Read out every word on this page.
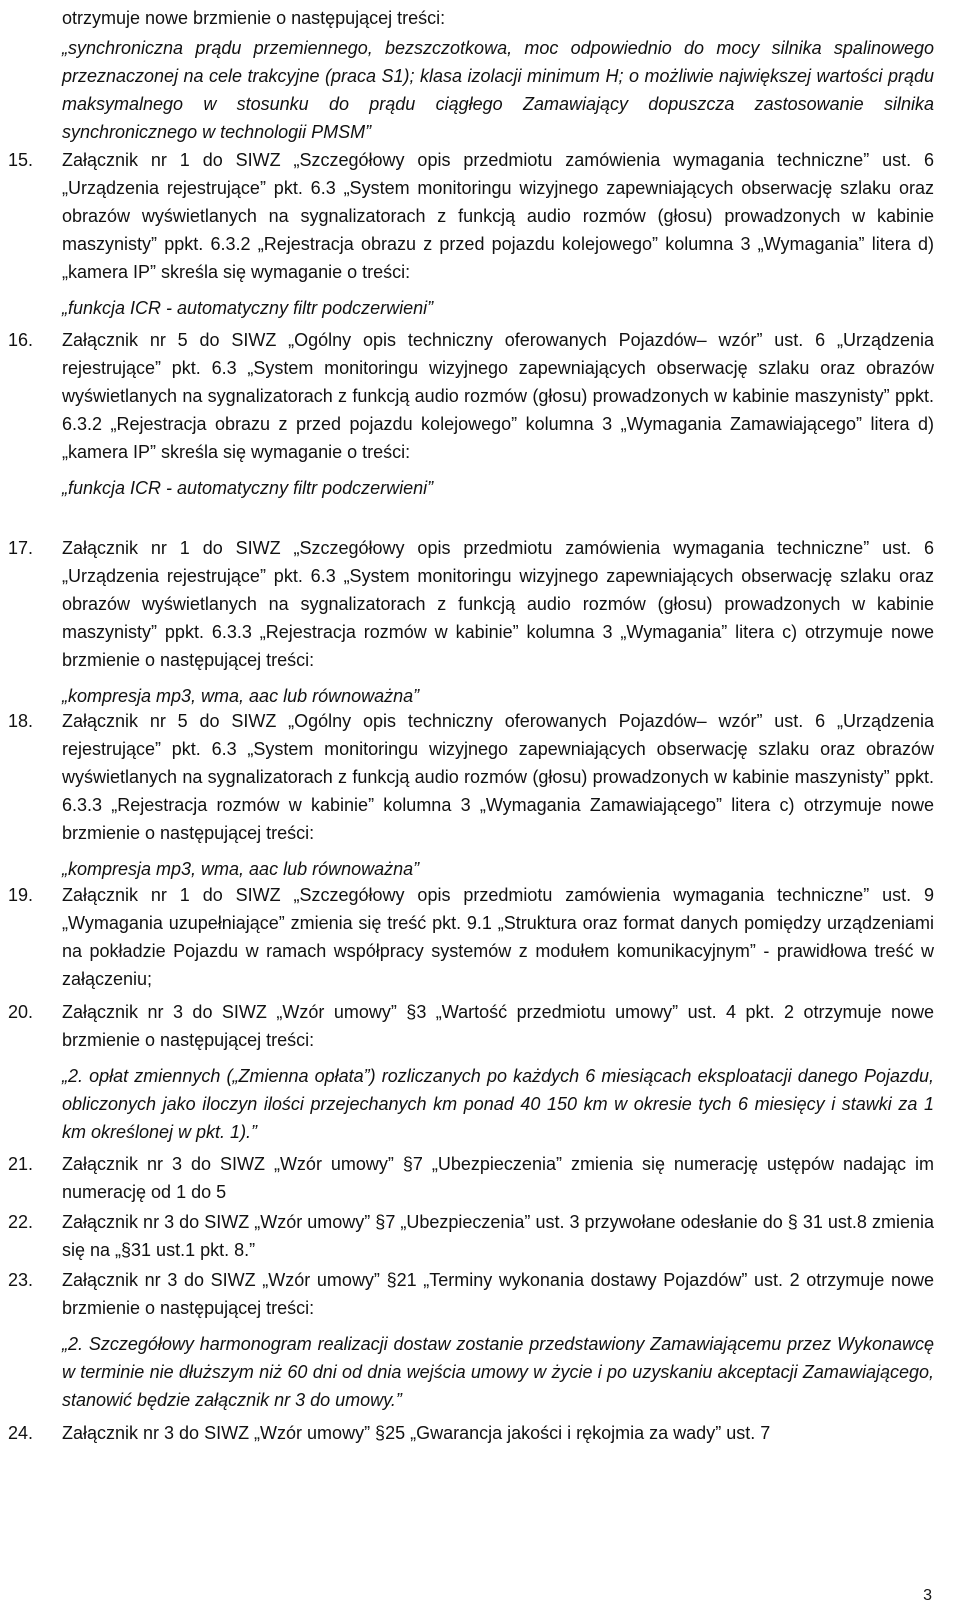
otrzymuje nowe brzmienie o następującej treści:
„synchroniczna prądu przemiennego, bezszczotkowa, moc odpowiednio do mocy silnika spalinowego przeznaczonej na cele trakcyjne (praca S1); klasa izolacji minimum H; o możliwie największej wartości prądu maksymalnego w stosunku do prądu ciągłego Zamawiający dopuszcza zastosowanie silnika synchronicznego w technologii PMSM”
15. Załącznik nr 1 do SIWZ „Szczegółowy opis przedmiotu zamówienia wymagania techniczne” ust. 6 „Urządzenia rejestrujące” pkt. 6.3 „System monitoringu wizyjnego zapewniających obserwację szlaku oraz obrazów wyświetlanych na sygnalizatorach z funkcją audio rozmów (głosu) prowadzonych w kabinie maszynisty” ppkt. 6.3.2 „Rejestracja obrazu z przed pojazdu kolejowego” kolumna 3 „Wymagania” litera d) „kamera IP” skreśla się wymaganie o treści:
„funkcja ICR - automatyczny filtr podczerwieni”
16. Załącznik nr 5 do SIWZ „Ogólny opis techniczny oferowanych Pojazdów– wzór” ust. 6 „Urządzenia rejestrujące” pkt. 6.3 „System monitoringu wizyjnego zapewniających obserwację szlaku oraz obrazów wyświetlanych na sygnalizatorach z funkcją audio rozmów (głosu) prowadzonych w kabinie maszynisty” ppkt. 6.3.2 „Rejestracja obrazu z przed pojazdu kolejowego” kolumna 3 „Wymagania Zamawiającego” litera d) „kamera IP” skreśla się wymaganie o treści:
„funkcja ICR - automatyczny filtr podczerwieni”
17. Załącznik nr 1 do SIWZ „Szczegółowy opis przedmiotu zamówienia wymagania techniczne” ust. 6 „Urządzenia rejestrujące” pkt. 6.3 „System monitoringu wizyjnego zapewniających obserwację szlaku oraz obrazów wyświetlanych na sygnalizatorach z funkcją audio rozmów (głosu) prowadzonych w kabinie maszynisty” ppkt. 6.3.3 „Rejestracja rozmów w kabinie” kolumna 3 „Wymagania” litera c) otrzymuje nowe brzmienie o następującej treści:
„kompresja mp3, wma, aac lub równoważna”
18. Załącznik nr 5 do SIWZ „Ogólny opis techniczny oferowanych Pojazdów– wzór” ust. 6 „Urządzenia rejestrujące” pkt. 6.3 „System monitoringu wizyjnego zapewniających obserwację szlaku oraz obrazów wyświetlanych na sygnalizatorach z funkcją audio rozmów (głosu) prowadzonych w kabinie maszynisty” ppkt. 6.3.3 „Rejestracja rozmów w kabinie” kolumna 3 „Wymagania Zamawiającego” litera c) otrzymuje nowe brzmienie o następującej treści:
„kompresja mp3, wma, aac lub równoważna”
19. Załącznik nr 1 do SIWZ „Szczegółowy opis przedmiotu zamówienia wymagania techniczne” ust. 9 „Wymagania uzupełniające” zmienia się treść pkt. 9.1 „Struktura oraz format danych pomiędzy urządzeniami na pokładzie Pojazdu w ramach współpracy systemów z modułem komunikacyjnym” - prawidłowa treść w załączeniu;
20. Załącznik nr 3 do SIWZ „Wzór umowy” §3 „Wartość przedmiotu umowy” ust. 4 pkt. 2 otrzymuje nowe brzmienie o następującej treści:
„2. opłat zmiennych („Zmienna opłata”) rozliczanych po każdych 6 miesiącach eksploatacji danego Pojazdu, obliczonych jako iloczyn ilości przejechanych km ponad 40 150 km w okresie tych 6 miesięcy i stawki za 1 km określonej w pkt. 1).”
21. Załącznik nr 3 do SIWZ „Wzór umowy” §7 „Ubezpieczenia” zmienia się numerację ustępów nadając im numerację od 1 do 5
22. Załącznik nr 3 do SIWZ „Wzór umowy” §7 „Ubezpieczenia” ust. 3 przywołane odesłanie do § 31 ust.8 zmienia się na „§31 ust.1 pkt. 8.”
23. Załącznik nr 3 do SIWZ „Wzór umowy” §21 „Terminy wykonania dostawy Pojazdów” ust. 2 otrzymuje nowe brzmienie o następującej treści:
„2. Szczegółowy harmonogram realizacji dostaw zostanie przedstawiony Zamawiającemu przez Wykonawcę w terminie nie dłuższym niż 60 dni od dnia wejścia umowy w życie i po uzyskaniu akceptacji Zamawiającego, stanowić będzie załącznik nr 3 do umowy.”
24. Załącznik nr 3 do SIWZ „Wzór umowy” §25 „Gwarancja jakości i rękojmia za wady” ust. 7
3
